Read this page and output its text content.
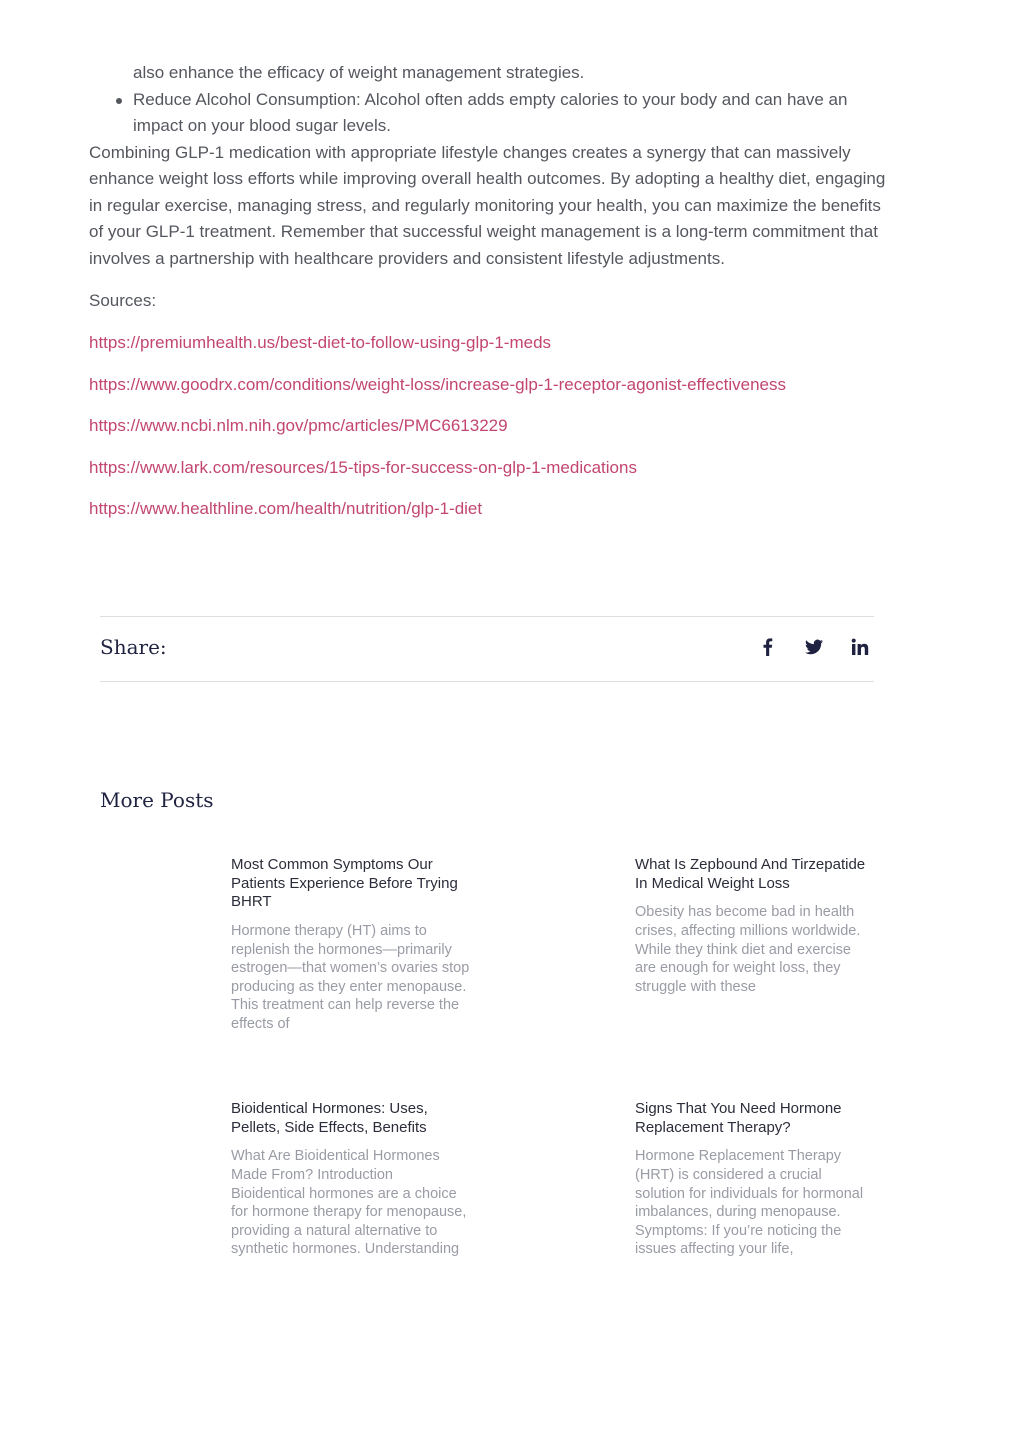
also enhance the efficacy of weight management strategies.
Reduce Alcohol Consumption: Alcohol often adds empty calories to your body and can have an impact on your blood sugar levels.

Combining GLP-1 medication with appropriate lifestyle changes creates a synergy that can massively enhance weight loss efforts while improving overall health outcomes. By adopting a healthy diet, engaging in regular exercise, managing stress, and regularly monitoring your health, you can maximize the benefits of your GLP-1 treatment. Remember that successful weight management is a long-term commitment that involves a partnership with healthcare providers and consistent lifestyle adjustments.

Sources:

https://premiumhealth.us/best-diet-to-follow-using-glp-1-meds
https://www.goodrx.com/conditions/weight-loss/increase-glp-1-receptor-agonist-effectiveness
https://www.ncbi.nlm.nih.gov/pmc/articles/PMC6613229
https://www.lark.com/resources/15-tips-for-success-on-glp-1-medications
https://www.healthline.com/health/nutrition/glp-1-diet
Share:
More Posts
Most Common Symptoms Our Patients Experience Before Trying BHRT

Hormone therapy (HT) aims to replenish the hormones—primarily estrogen—that women’s ovaries stop producing as they enter menopause. This treatment can help reverse the effects of

What Is Zepbound And Tirzepatide In Medical Weight Loss

Obesity has become bad in health crises, affecting millions worldwide. While they think diet and exercise are enough for weight loss, they struggle with these

Bioidentical Hormones: Uses, Pellets, Side Effects, Benefits

What Are Bioidentical Hormones Made From? Introduction Bioidentical hormones are a choice for hormone therapy for menopause, providing a natural alternative to synthetic hormones. Understanding

Signs That You Need Hormone Replacement Therapy?

Hormone Replacement Therapy (HRT) is considered a crucial solution for individuals for hormonal imbalances, during menopause. Symptoms: If you’re noticing the issues affecting your life,
